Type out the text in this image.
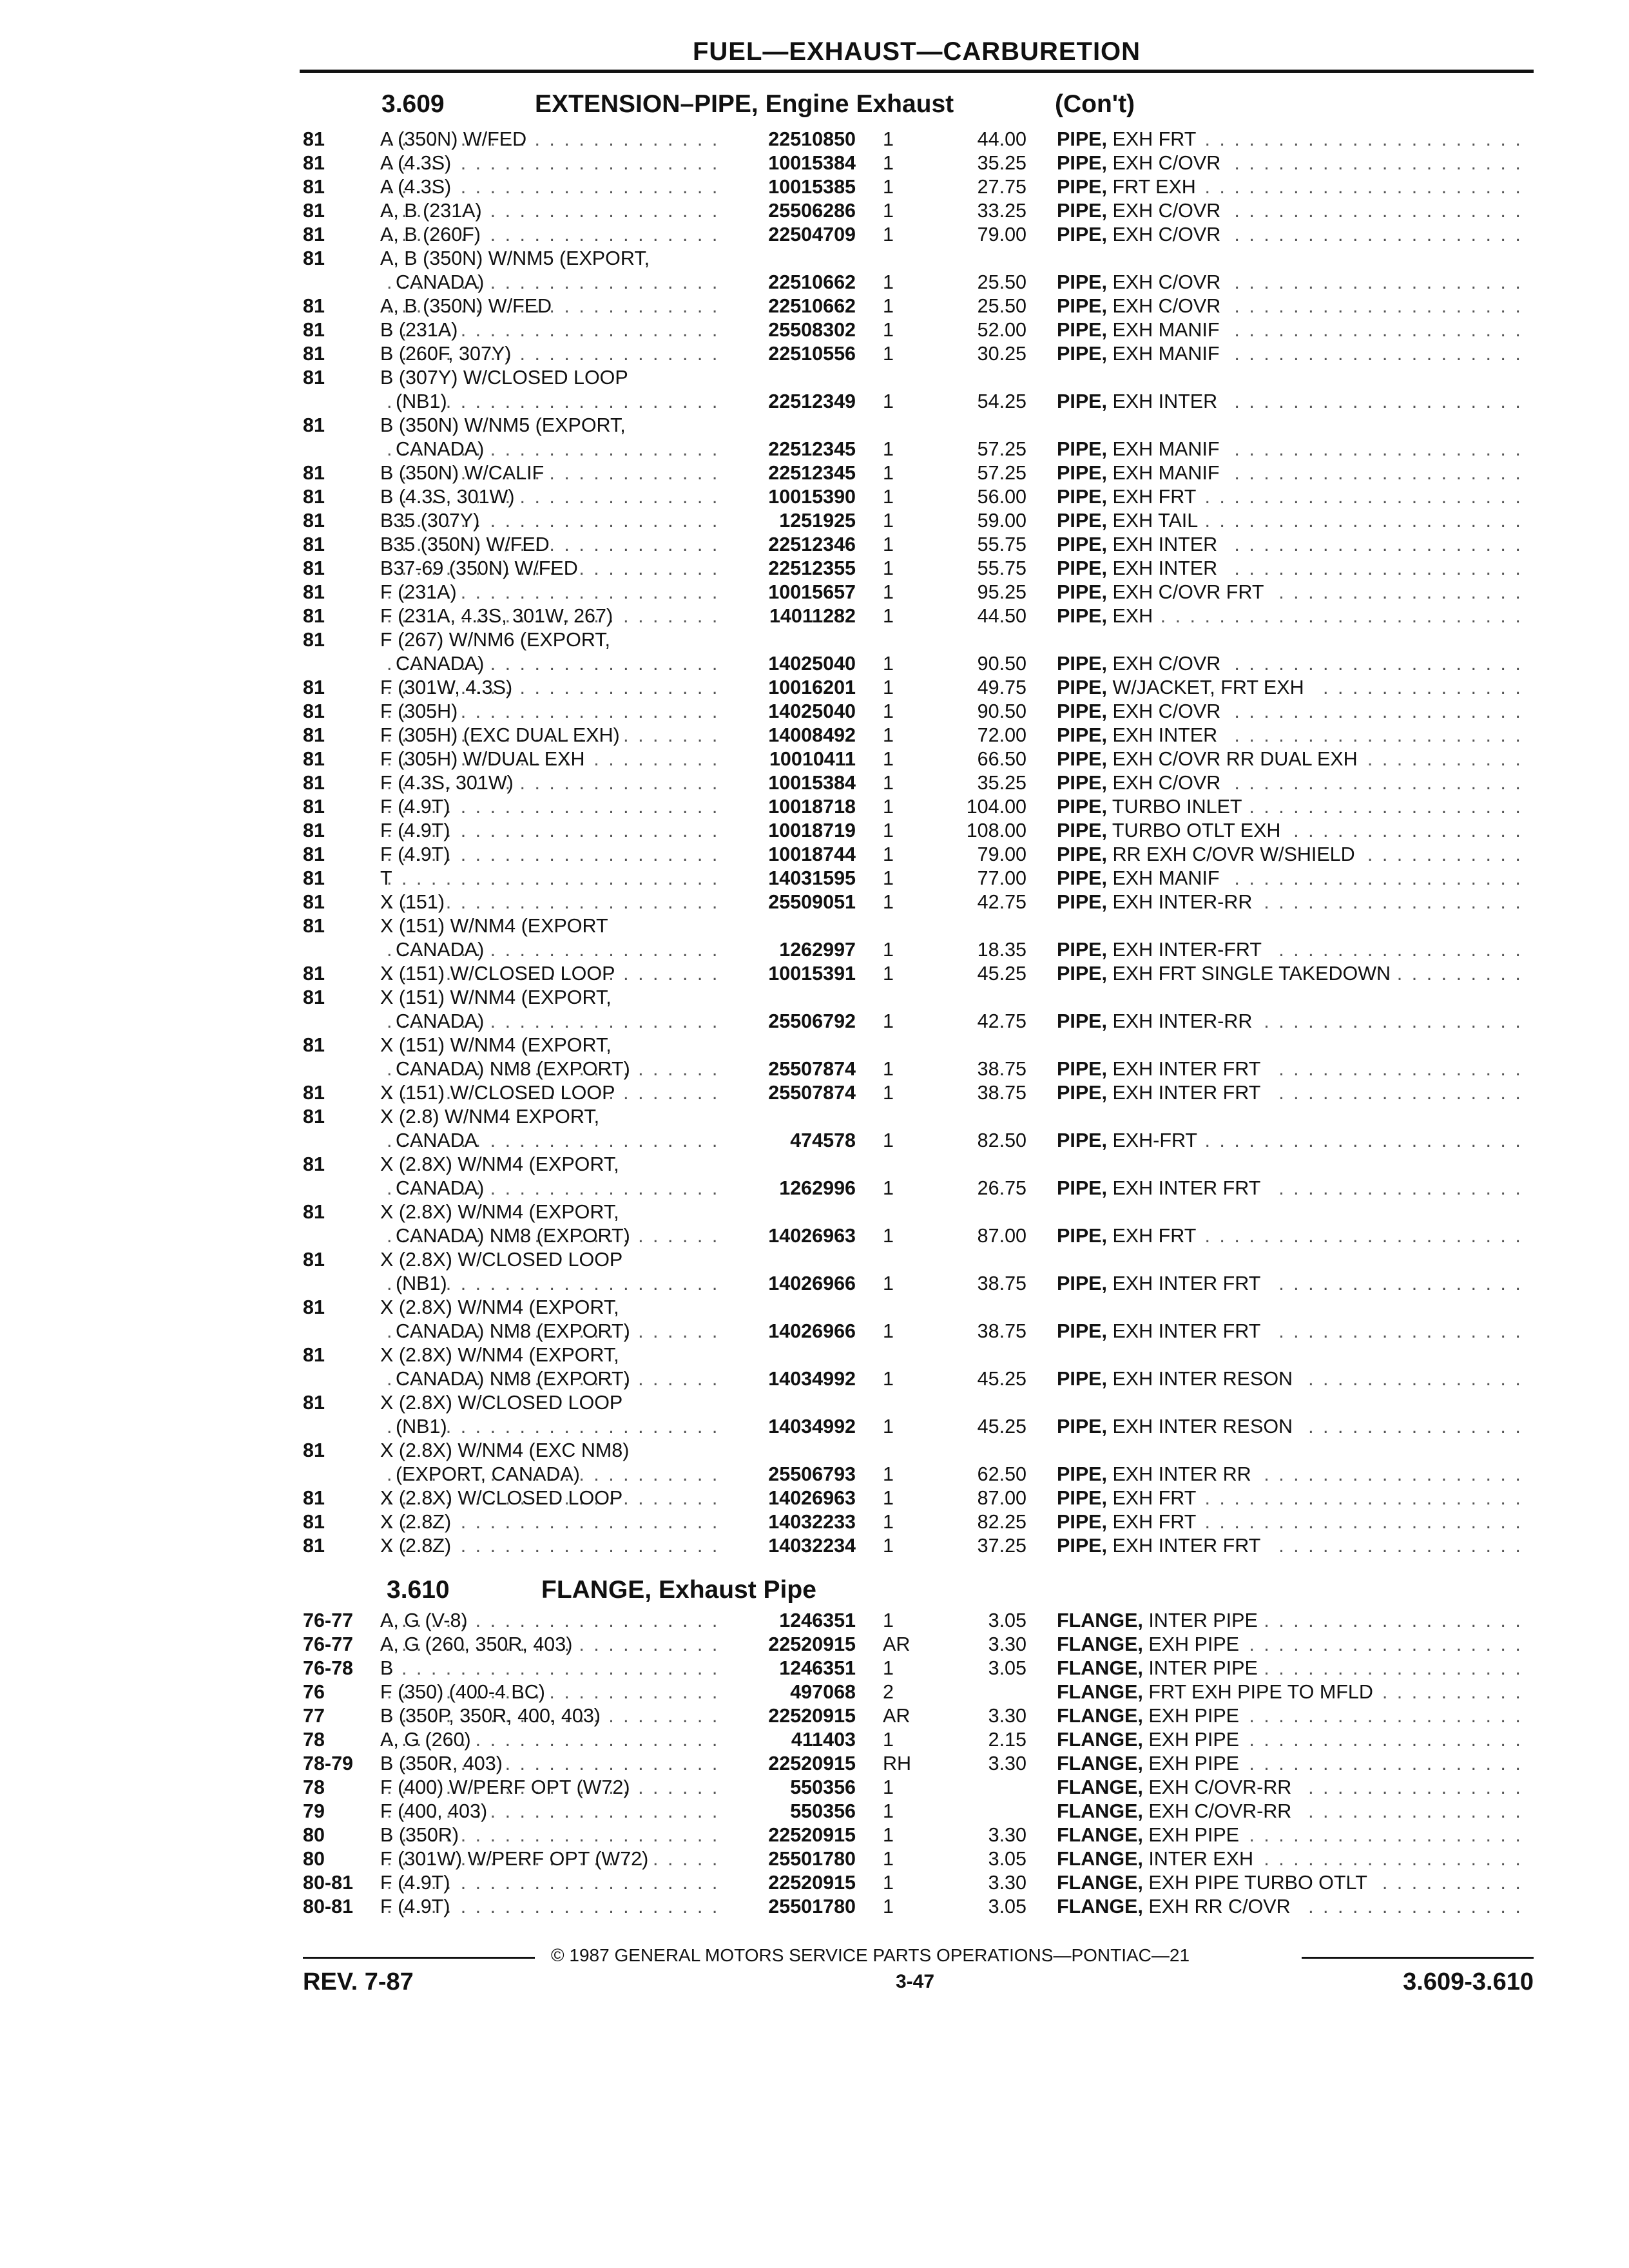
FUEL—EXHAUST—CARBURETION
3.609	EXTENSION–PIPE, Engine Exhaust	(Con't)
81 . . . . . .	A (350N) W/FED	22510850 1	44.00 PIPE, EXH FRT
81 . . . . . .	A (4.3S)	10015384 1	35.25 PIPE, EXH C/OVR
81 . . . . . .	A (4.3S)	10015385 1	27.75 PIPE, FRT EXH
81 . . . . . .	A, B (231A)	25506286 1	33.25 PIPE, EXH C/OVR
81 . . . . . .	A, B (260F)	22504709 1	79.00 PIPE, EXH C/OVR
81	A, B (350N) W/NM5 (EXPORT,
. . .
. . .
CANADA)	22510662 1	25.50 PIPE, EXH C/OVR
81 . . . . . .	A, B (350N) W/FED	22510662 1	25.50 PIPE, EXH C/OVR
81 . . . . . .	B (231A)	25508302 1	52.00 PIPE, EXH MANIF
81 . . . . . .	B (260F, 307Y)	22510556 1	30.25 PIPE, EXH MANIF
81	B (307Y) W/CLOSED LOOP
. . .
. . .
(NB1)	22512349 1	54.25 PIPE, EXH INTER
81	B (350N) W/NM5 (EXPORT,
. . .
. . .
CANADA)	22512345 1	57.25 PIPE, EXH MANIF
81 . . . . . .	B (350N) W/CALIF	22512345 1	57.25 PIPE, EXH MANIF
81 . . . . . .	B (4.3S, 301W)	10015390 1	56.00 PIPE, EXH FRT
81 . . . . . .	B35 (307Y)	1251925 1	59.00 PIPE, EXH TAIL
81 . . . . . .	B35 (350N) W/FED	22512346 1	55.75 PIPE, EXH INTER
81 . . . . . .	B37-69 (350N) W/FED	22512355 1	55.75 PIPE, EXH INTER
81 . . . . . .	F (231A)	10015657 1	95.25 PIPE, EXH C/OVR FRT
81 . . . . . .	F (231A, 4.3S, 301W, 267)	14011282 1	44.50 PIPE, EXH
81	F (267) W/NM6 (EXPORT,
. . .
. . .
CANADA)	14025040 1	90.50 PIPE, EXH C/OVR
81 . . . . . .	F (301W, 4.3S)	10016201 1	49.75 PIPE, W/JACKET, FRT EXH
81 . . . . . .	F (305H)	14025040 1	90.50 PIPE, EXH C/OVR
81 . . . . . .	F (305H) (EXC DUAL EXH)	14008492 1	72.00 PIPE, EXH INTER
81 . . . . . .	F (305H) W/DUAL EXH	10010411 1	66.50 PIPE, EXH C/OVR RR DUAL EXH
81 . . . . . .	F (4.3S, 301W)	10015384 1	35.25 PIPE, EXH C/OVR
81 . . . . . .	F (4.9T)	10018718 1	104.00 PIPE, TURBO INLET
81 . . . . . .	F (4.9T)	10018719 1	108.00 PIPE, TURBO OTLT EXH
81 . . . . . .	F (4.9T)	10018744 1	79.00 PIPE, RR EXH C/OVR W/SHIELD
81 . . . . . .	T	14031595 1	77.00 PIPE, EXH MANIF
81 . . . . . .	X (151)	25509051 1	42.75 PIPE, EXH INTER-RR
81	X (151) W/NM4 (EXPORT
. . .
. . .
CANADA)	1262997 1	18.35 PIPE, EXH INTER-FRT
81 . . . . . .	X (151) W/CLOSED LOOP	10015391 1	45.25 PIPE, EXH FRT SINGLE TAKEDOWN
81	X (151) W/NM4 (EXPORT,
. . .
. . .
CANADA)	25506792 1	42.75 PIPE, EXH INTER-RR
81	X (151) W/NM4 (EXPORT,
. . .
. . .
CANADA) NM8 (EXPORT)	25507874 1	38.75 PIPE, EXH INTER FRT
81 . . . . . .	X (151) W/CLOSED LOOP	25507874 1	38.75 PIPE, EXH INTER FRT
81	X (2.8) W/NM4 EXPORT,
. . .
. . .
CANADA	474578 1	82.50 PIPE, EXH-FRT
81	X (2.8X) W/NM4 (EXPORT,
. . .
. . .
CANADA)	1262996 1	26.75 PIPE, EXH INTER FRT
81	X (2.8X) W/NM4 (EXPORT,
. . .
. . .
CANADA) NM8 (EXPORT)	14026963 1	87.00 PIPE, EXH FRT
81	X (2.8X) W/CLOSED LOOP
. . .
. . .
(NB1)	14026966 1	38.75 PIPE, EXH INTER FRT
81	X (2.8X) W/NM4 (EXPORT,
. . .
. . .
CANADA) NM8 (EXPORT)	14026966 1	38.75 PIPE, EXH INTER FRT
81	X (2.8X) W/NM4 (EXPORT,
. . .
. . .
CANADA) NM8 (EXPORT)	14034992 1	45.25 PIPE, EXH INTER RESON
81	X (2.8X) W/CLOSED LOOP
. . .
. . .
(NB1)	14034992 1	45.25 PIPE, EXH INTER RESON
81	X (2.8X) W/NM4 (EXC NM8)
. . .
. . .
(EXPORT, CANADA)	25506793 1	62.50 PIPE, EXH INTER RR
81 . . . . . .	X (2.8X) W/CLOSED LOOP	14026963 1	87.00 PIPE, EXH FRT
81 . . . . . .	X (2.8Z)	14032233 1	82.25 PIPE, EXH FRT
81 . . . . . .	X (2.8Z)	14032234 1	37.25 PIPE, EXH INTER FRT
3.610	FLANGE, Exhaust Pipe
76-77 . . . . . . A, G (V-8)	1246351 1	3.05 FLANGE, INTER PIPE
76-77 . . . . . . A, G (260, 350R, 403)	22520915 AR	3.30 FLANGE, EXH PIPE
76-78 . . . . . . B	1246351 1	3.05 FLANGE, INTER PIPE
76 . . . . . .	F (350) (400-4 BC)	497068 2	FLANGE, FRT EXH PIPE TO MFLD
77 . . . . . .	B (350P, 350R, 400, 403)	22520915 AR	3.30 FLANGE, EXH PIPE
78 . . . . . .	A, G (260)	411403 1	2.15 FLANGE, EXH PIPE
78-79 . . . . . . B (350R, 403)	22520915 RH	3.30 FLANGE, EXH PIPE
78 . . . . . .	F (400) W/PERF OPT (W72)	550356 1	FLANGE, EXH C/OVR-RR
79 . . . . . .	F (400, 403)	550356 1	FLANGE, EXH C/OVR-RR
80 . . . . . .	B (350R)	22520915 1	3.30 FLANGE, EXH PIPE
80 . . . . . .	F (301W) W/PERF OPT (W72)	25501780 1	3.05 FLANGE, INTER EXH
80-81 . . . . . . F (4.9T)	22520915 1	3.30 FLANGE, EXH PIPE TURBO OTLT
80-81 . . . . . . F (4.9T)	25501780 1	3.05 FLANGE, EXH RR C/OVR
© 1987 GENERAL MOTORS SERVICE PARTS OPERATIONS—PONTIAC—21
REV. 7-87	3-47	3.609-3.610
